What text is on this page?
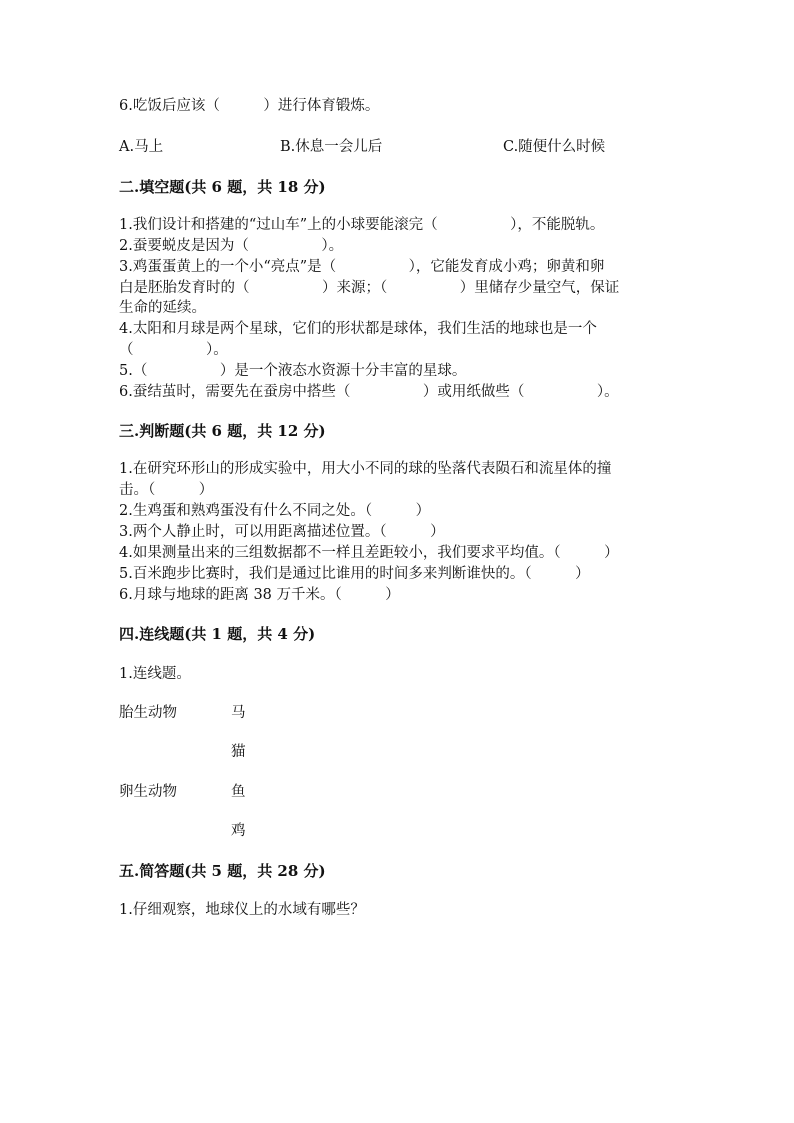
6.吃饭后应该（　　　）进行体育锻炼。
A.马上	B.休息一会儿后	C.随便什么时候
二.填空题(共 6 题，共 18 分)
1.我们设计和搭建的“过山车”上的小球要能滚完（　　　　　），不能脱轨。
2.蚕要蜕皮是因为（　　　　　）。
3.鸡蛋蛋黄上的一个小“亮点”是（　　　　　），它能发育成小鸡；卵黄和卵
白是胚胎发育时的（　　　　　）来源；（　　　　　）里储存少量空气，保证
生命的延续。
4.太阳和月球是两个星球，它们的形状都是球体，我们生活的地球也是一个
（　　　　　）。
5.（　　　　　）是一个液态水资源十分丰富的星球。
6.蚕结茧时，需要先在蚕房中搭些（　　　　　）或用纸做些（　　　　　）。
三.判断题(共 6 题，共 12 分)
1.在研究环形山的形成实验中，用大小不同的球的坠落代表陨石和流星体的撞
击。（　　　）
2.生鸡蛋和熟鸡蛋没有什么不同之处。（　　　）
3.两个人静止时，可以用距离描述位置。（　　　）
4.如果测量出来的三组数据都不一样且差距较小，我们要求平均值。（　　　）
5.百米跑步比赛时，我们是通过比谁用的时间多来判断谁快的。（　　　）
6.月球与地球的距离 38 万千米。（　　　）
四.连线题(共 1 题，共 4 分)
1.连线题。
胎生动物
卵生动物
马
猫
鱼
鸡
五.简答题(共 5 题，共 28 分)
1.仔细观察，地球仪上的水域有哪些？
